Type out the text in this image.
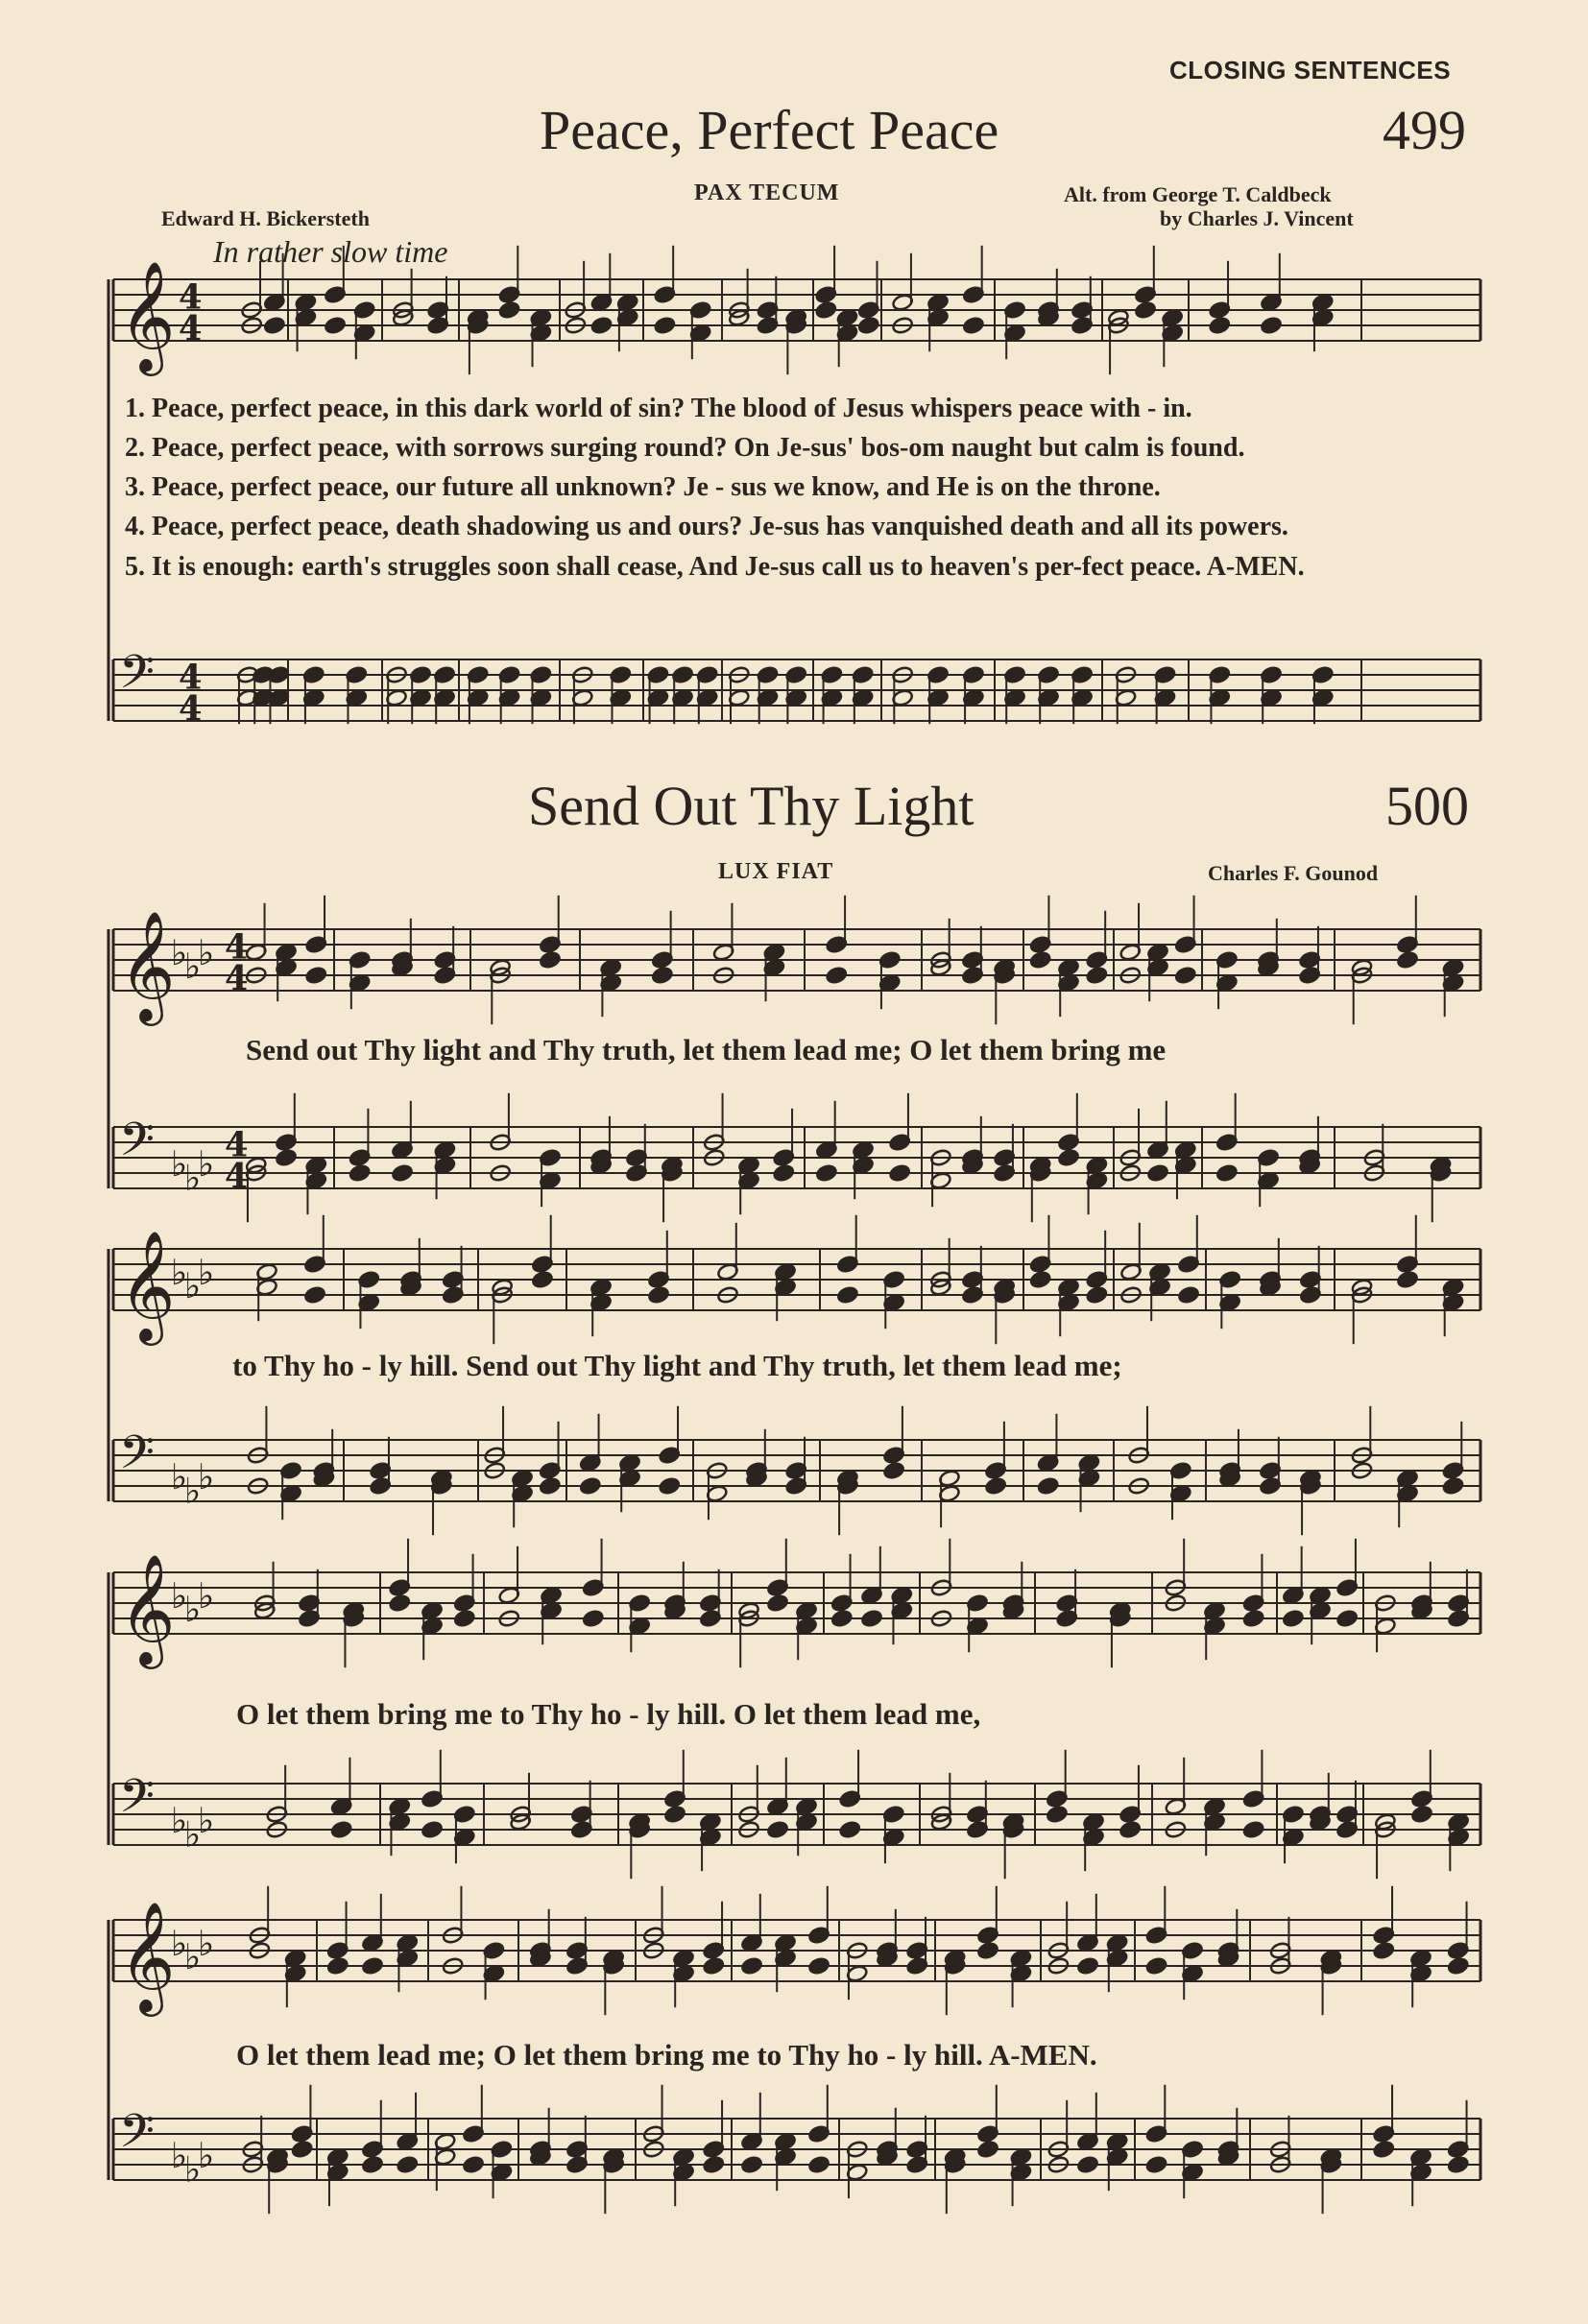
CLOSING SENTENCES
Peace, Perfect Peace	499
PAX TECUM
Edward H. Bickersteth
Alt. from George T. Caldbeck
by Charles J. Vincent
In rather slow time
1. Peace, perfect peace, in this dark world of sin? The blood of Jesus whispers peace with - in.
2. Peace, perfect peace, with sorrows surging round? On Je-sus' bos-om naught but calm is found.
3. Peace, perfect peace, our future all unknown? Je - sus we know, and He is on the throne.
4. Peace, perfect peace, death shadowing us and ours? Je-sus has vanquished death and all its powers.
5. It is enough: earth's struggles soon shall cease, And Je-sus call us to heaven's per-fect peace. A-MEN.
Send Out Thy Light	500
LUX FIAT	Charles F. Gounod
Send out Thy light and Thy truth, let them lead me; O let them bring me
to Thy ho - ly hill. Send out Thy light and Thy truth, let them lead me;
O let them bring me to Thy ho - ly hill. O let them lead me,
O let them lead me; O let them bring me to Thy ho - ly hill. A-MEN.
𝄞 4
4
𝄢 4
4
𝄞
♭
♭
♭ 4
4
𝄢 ♭
♭
♭ 4
4
𝄞
♭
♭
♭
𝄢 ♭
♭
♭
𝄞
♭
♭
♭
𝄢 ♭
♭
♭
𝄞
♭
♭
♭
𝄢 ♭
♭
♭
